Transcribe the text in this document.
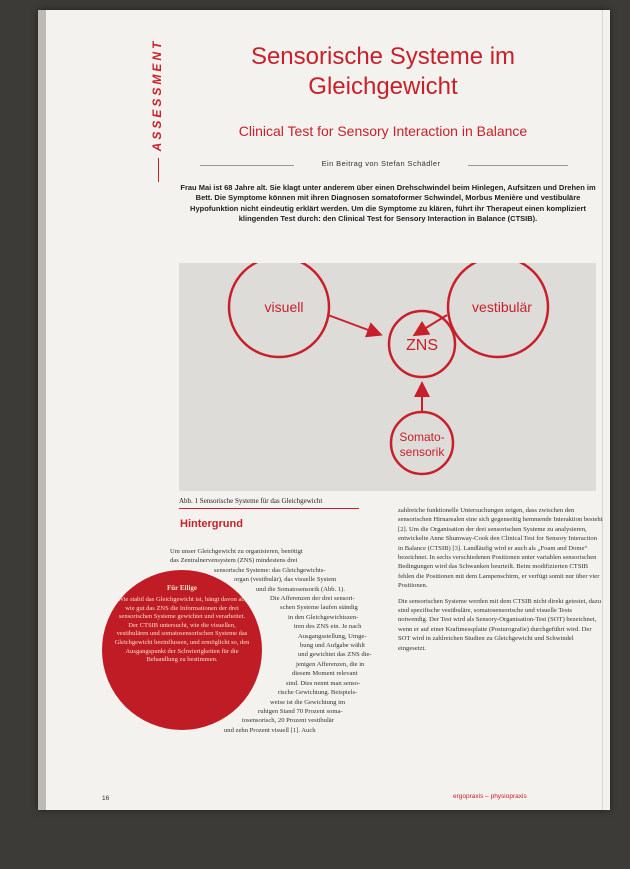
ASSESSMENT	Sensorische Systeme im Gleichgewicht
Clinical Test for Sensory Interaction in Balance
Ein Beitrag von Stefan Schädler
Frau Mai ist 68 Jahre alt. Sie klagt unter anderem über einen Drehschwindel beim Hinlegen, Aufsitzen und Drehen im Bett. Die Symptome können mit ihren Diagnosen somatoformer Schwindel, Morbus Menière und vestibuläre Hypofunktion nicht eindeutig erklärt werden. Um die Symptome zu klären, führt ihr Therapeut einen kompliziert klingenden Test durch: den Clinical Test for Sensory Interaction in Balance (CTSIB).
visuell	vestibulär
ZNS
Somato-
sensorik
Abb. 1 Sensorische Systeme für das Gleichgewicht
Hintergrund
Um unser Gleichgewicht zu organisieren, benötigt
das Zentralnervensystem (ZNS) mindestens drei
sensorische Systeme: das Gleichgewichts-
organ (vestibulär), das visuelle System
und die Somatosensorik (Abb. 1).
Die Afferenzen der drei sensori-
schen Systeme laufen ständig
in den Gleichgewichtszen-
tren des ZNS ein. Je nach
Ausgangsstellung, Umge-
bung und Aufgabe wählt
und gewichtet das ZNS die-
jenigen Afferenzen, die in
diesem Moment relevant
sind. Dies nennt man senso-
rische Gewichtung. Beispiels-
weise ist die Gewichtung im
ruhigen Stand 70 Prozent soma-
tosensorisch, 20 Prozent vestibulär
und zehn Prozent visuell [1]. Auch

zahlreiche funktionelle Untersuchungen zeigen, dass zwischen den sensorischen Hirnarealen eine sich gegenseitig hemmende Interaktion besteht [2]. Um die Organisation der drei sensorischen Systeme zu analysieren, entwickelte Anne Shumway-Cook den Clinical Test for Sensory Interaction in Balance (CTSIB) [3]. Landläufig wird er auch als „Foam and Dome“ bezeichnet. In sechs verschiedenen Positionen unter variablen sensorischen Bedingungen wird das Schwanken beurteilt. Beim modifizierten CTSIB fehlen die Positionen mit dem Lampenschirm, er verfügt somit nur über vier Positionen.

Die sensorischen Systeme werden mit dem CTSIB nicht direkt getestet, dazu sind spezifische vestibuläre, somatosensorische und visuelle Tests notwendig. Der Test wird als Sensory-Organisation-Test (SOT) bezeichnet, wenn er auf einer Kraftmessplatte (Posturografie) durchgeführt wird. Der SOT wird in zahlreichen Studien zu Gleichgewicht und Schwindel eingesetzt.

Für Eilige
Wie stabil das Gleichgewicht ist, hängt davon ab, wie gut das ZNS die Informationen der drei sensorischen Systeme gewichtet und verarbeitet. Der CTSIB untersucht, wie die visuellen, vestibulären und somatosensorischen Systeme das Gleichgewicht beeinflussen, und ermöglicht so, den Ausgangspunkt der Schwierigkeiten für die Behandlung zu bestimmen.
16	ergopraxis ‒ physiopraxis
